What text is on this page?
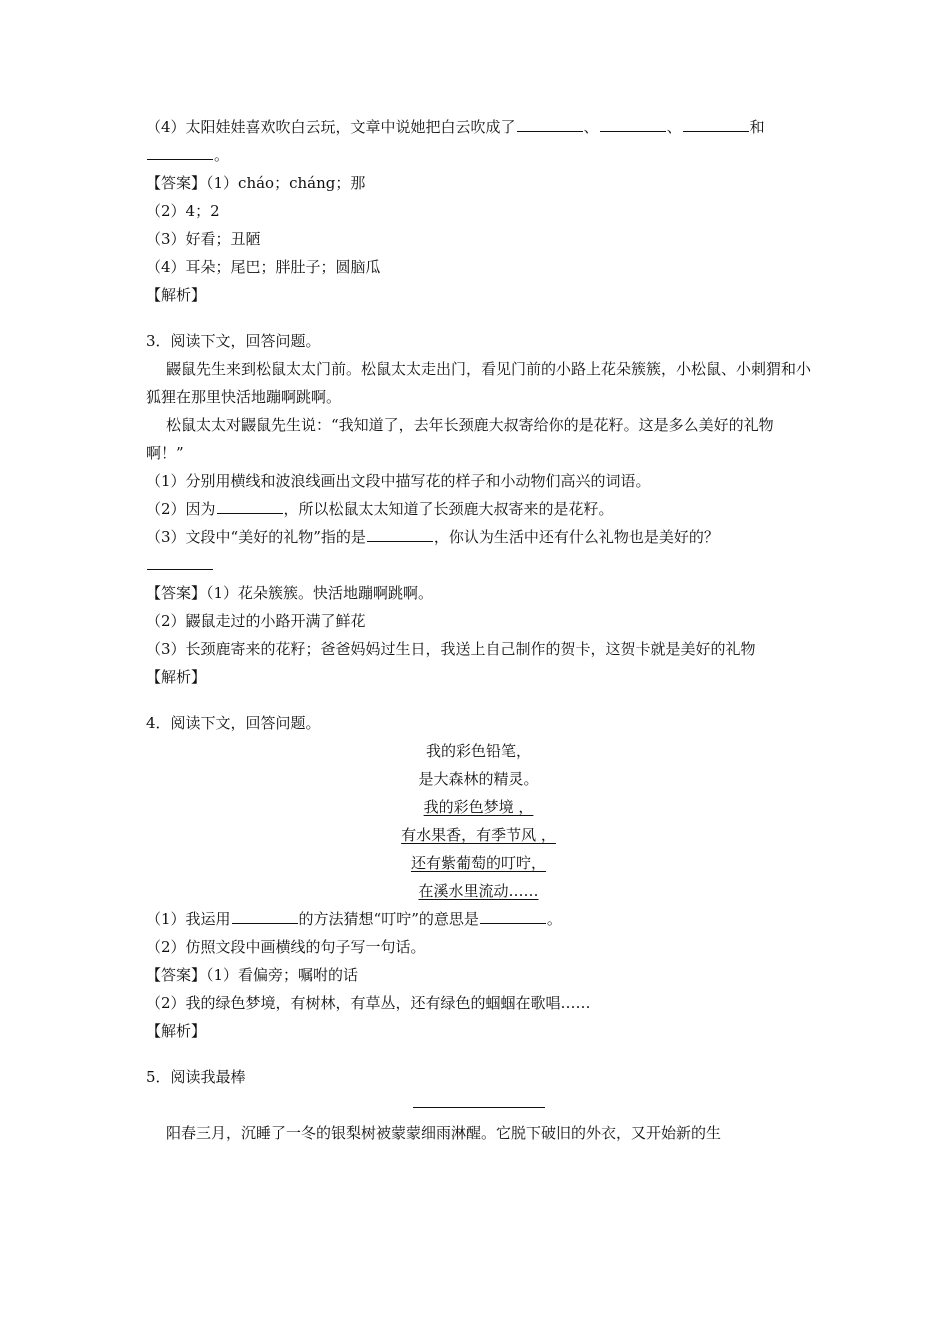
（4）太阳娃娃喜欢吹白云玩，文章中说她把白云吹成了	、	、	和
。
【答案】（1）cháo；cháng；那
（2）4；2
（3）好看；丑陋
（4）耳朵；尾巴；胖肚子；圆脑瓜
【解析】
3．阅读下文，回答问题。
鼹鼠先生来到松鼠太太门前。松鼠太太走出门，看见门前的小路上花朵簇簇，小松鼠、小刺猬和小狐狸在那里快活地蹦啊跳啊。
松鼠太太对鼹鼠先生说：“我知道了，去年长颈鹿大叔寄给你的是花籽。这是多么美好的礼物啊！”
（1）分别用横线和波浪线画出文段中描写花的样子和小动物们高兴的词语。
（2）因为	，所以松鼠太太知道了长颈鹿大叔寄来的是花籽。
（3）文段中“美好的礼物”指的是	，你认为生活中还有什么礼物也是美好的？
【答案】（1）花朵簇簇。快活地蹦啊跳啊。
（2）鼹鼠走过的小路开满了鲜花
（3）长颈鹿寄来的花籽；爸爸妈妈过生日，我送上自己制作的贺卡，这贺卡就是美好的礼物
【解析】
4．阅读下文，回答问题。
我的彩色铅笔，
是大森林的精灵。
我的彩色梦境 ，
有水果香，有季节风 ，
还有紫葡萄的叮咛，
在溪水里流动……
（1）我运用	的方法猜想“叮咛”的意思是	。
（2）仿照文段中画横线的句子写一句话。
【答案】（1）看偏旁；嘱咐的话
（2）我的绿色梦境，有树林，有草丛，还有绿色的蝈蝈在歌唱……
【解析】
5．阅读我最棒
阳春三月，沉睡了一冬的银梨树被蒙蒙细雨淋醒。它脱下破旧的外衣，又开始新的生
